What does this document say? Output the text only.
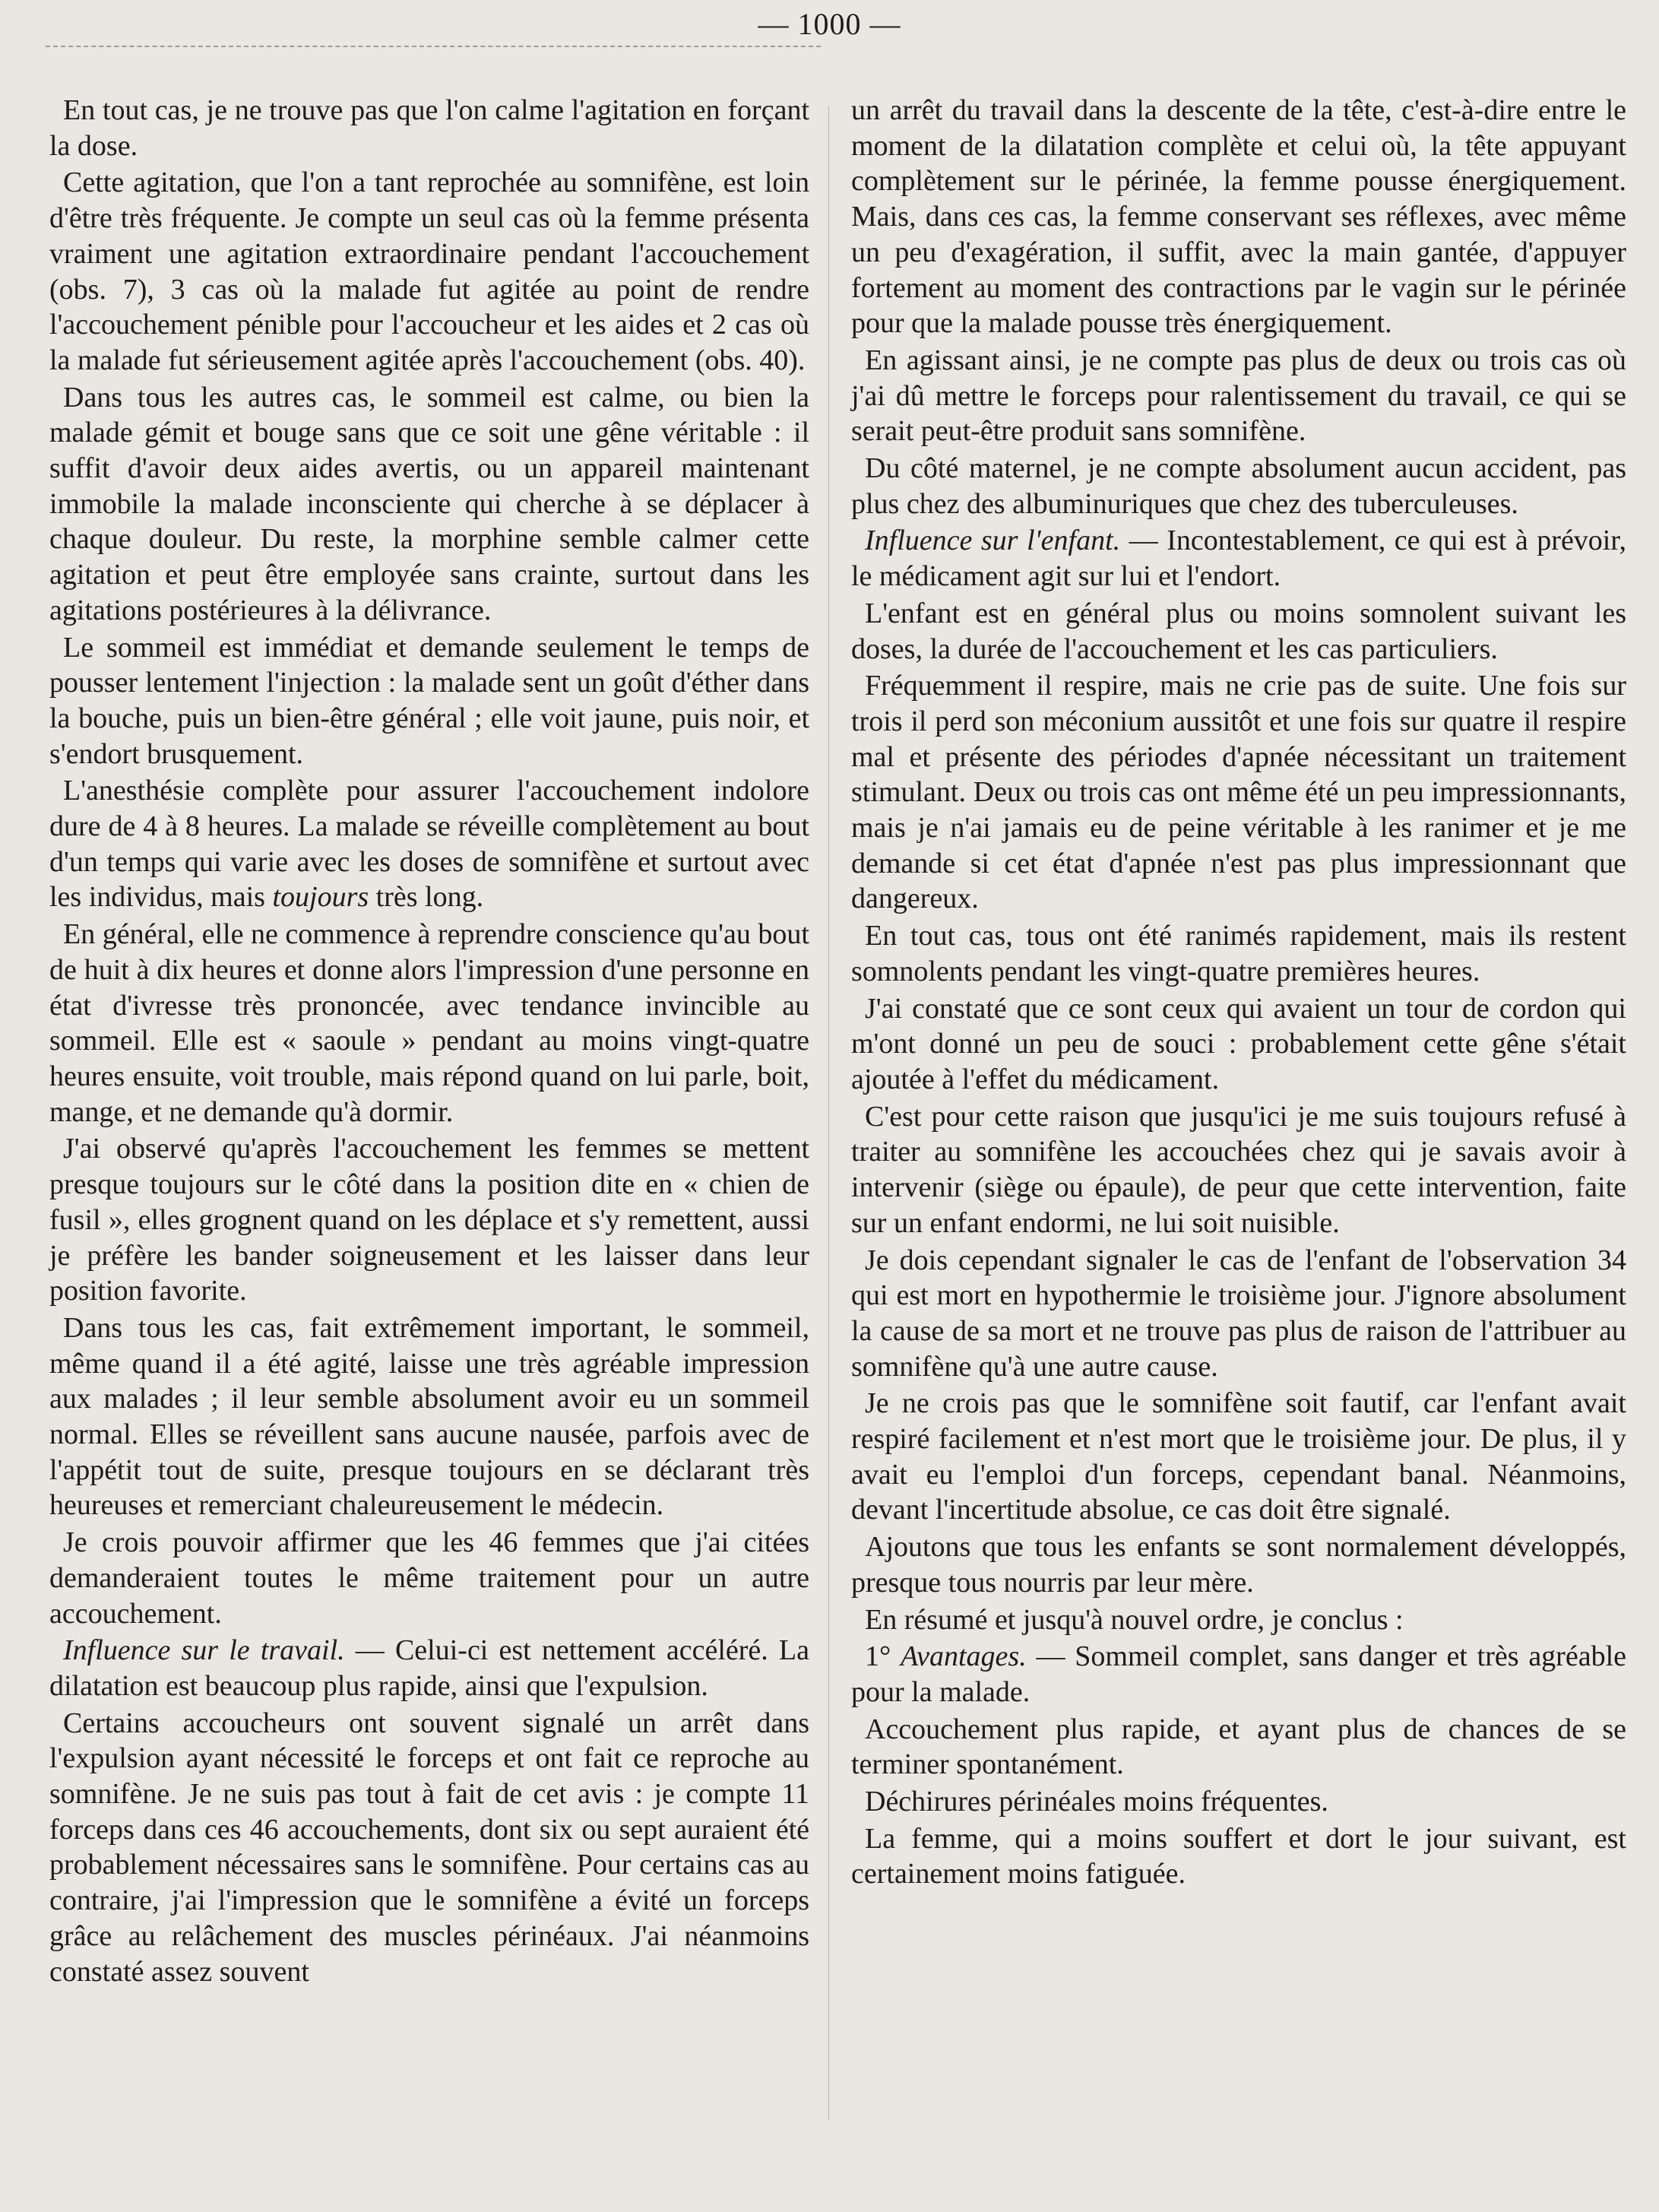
— 1000 —

En tout cas, je ne trouve pas que l'on calme l'agitation en forçant la dose.

Cette agitation, que l'on a tant reprochée au somnifène, est loin d'être très fréquente. Je compte un seul cas où la femme présenta vraiment une agitation extraordinaire pendant l'accouchement (obs. 7), 3 cas où la malade fut agitée au point de rendre l'accouchement pénible pour l'accoucheur et les aides et 2 cas où la malade fut sérieusement agitée après l'accouchement (obs. 40).

Dans tous les autres cas, le sommeil est calme, ou bien la malade gémit et bouge sans que ce soit une gêne véritable : il suffit d'avoir deux aides avertis, ou un appareil maintenant immobile la malade inconsciente qui cherche à se déplacer à chaque douleur. Du reste, la morphine semble calmer cette agitation et peut être employée sans crainte, surtout dans les agitations postérieures à la délivrance.

Le sommeil est immédiat et demande seulement le temps de pousser lentement l'injection : la malade sent un goût d'éther dans la bouche, puis un bien-être général ; elle voit jaune, puis noir, et s'endort brusquement.

L'anesthésie complète pour assurer l'accouchement indolore dure de 4 à 8 heures. La malade se réveille complètement au bout d'un temps qui varie avec les doses de somnifène et surtout avec les individus, mais toujours très long.

En général, elle ne commence à reprendre conscience qu'au bout de huit à dix heures et donne alors l'impression d'une personne en état d'ivresse très prononcée, avec tendance invincible au sommeil. Elle est « saoule » pendant au moins vingt-quatre heures ensuite, voit trouble, mais répond quand on lui parle, boit, mange, et ne demande qu'à dormir.

J'ai observé qu'après l'accouchement les femmes se mettent presque toujours sur le côté dans la position dite en « chien de fusil », elles grognent quand on les déplace et s'y remettent, aussi je préfère les bander soigneusement et les laisser dans leur position favorite.

Dans tous les cas, fait extrêmement important, le sommeil, même quand il a été agité, laisse une très agréable impression aux malades ; il leur semble absolument avoir eu un sommeil normal. Elles se réveillent sans aucune nausée, parfois avec de l'appétit tout de suite, presque toujours en se déclarant très heureuses et remerciant chaleureusement le médecin.

Je crois pouvoir affirmer que les 46 femmes que j'ai citées demanderaient toutes le même traitement pour un autre accouchement.

Influence sur le travail. — Celui-ci est nettement accéléré. La dilatation est beaucoup plus rapide, ainsi que l'expulsion.

Certains accoucheurs ont souvent signalé un arrêt dans l'expulsion ayant nécessité le forceps et ont fait ce reproche au somnifène. Je ne suis pas tout à fait de cet avis : je compte 11 forceps dans ces 46 accouchements, dont six ou sept auraient été probablement nécessaires sans le somnifène. Pour certains cas au contraire, j'ai l'impression que le somnifène a évité un forceps grâce au relâchement des muscles périnéaux. J'ai néanmoins constaté assez souvent

un arrêt du travail dans la descente de la tête, c'est-à-dire entre le moment de la dilatation complète et celui où, la tête appuyant complètement sur le périnée, la femme pousse énergiquement. Mais, dans ces cas, la femme conservant ses réflexes, avec même un peu d'exagération, il suffit, avec la main gantée, d'appuyer fortement au moment des contractions par le vagin sur le périnée pour que la malade pousse très énergiquement.

En agissant ainsi, je ne compte pas plus de deux ou trois cas où j'ai dû mettre le forceps pour ralentissement du travail, ce qui se serait peut-être produit sans somnifène.

Du côté maternel, je ne compte absolument aucun accident, pas plus chez des albuminuriques que chez des tuberculeuses.

Influence sur l'enfant. — Incontestablement, ce qui est à prévoir, le médicament agit sur lui et l'endort.

L'enfant est en général plus ou moins somnolent suivant les doses, la durée de l'accouchement et les cas particuliers.

Fréquemment il respire, mais ne crie pas de suite. Une fois sur trois il perd son méconium aussitôt et une fois sur quatre il respire mal et présente des périodes d'apnée nécessitant un traitement stimulant. Deux ou trois cas ont même été un peu impressionnants, mais je n'ai jamais eu de peine véritable à les ranimer et je me demande si cet état d'apnée n'est pas plus impressionnant que dangereux.

En tout cas, tous ont été ranimés rapidement, mais ils restent somnolents pendant les vingt-quatre premières heures.

J'ai constaté que ce sont ceux qui avaient un tour de cordon qui m'ont donné un peu de souci : probablement cette gêne s'était ajoutée à l'effet du médicament.

C'est pour cette raison que jusqu'ici je me suis toujours refusé à traiter au somnifène les accouchées chez qui je savais avoir à intervenir (siège ou épaule), de peur que cette intervention, faite sur un enfant endormi, ne lui soit nuisible.

Je dois cependant signaler le cas de l'enfant de l'observation 34 qui est mort en hypothermie le troisième jour. J'ignore absolument la cause de sa mort et ne trouve pas plus de raison de l'attribuer au somnifène qu'à une autre cause.

Je ne crois pas que le somnifène soit fautif, car l'enfant avait respiré facilement et n'est mort que le troisième jour. De plus, il y avait eu l'emploi d'un forceps, cependant banal. Néanmoins, devant l'incertitude absolue, ce cas doit être signalé.

Ajoutons que tous les enfants se sont normalement développés, presque tous nourris par leur mère.

En résumé et jusqu'à nouvel ordre, je conclus :

1° Avantages. — Sommeil complet, sans danger et très agréable pour la malade.

Accouchement plus rapide, et ayant plus de chances de se terminer spontanément.

Déchirures périnéales moins fréquentes.

La femme, qui a moins souffert et dort le jour suivant, est certainement moins fatiguée.
